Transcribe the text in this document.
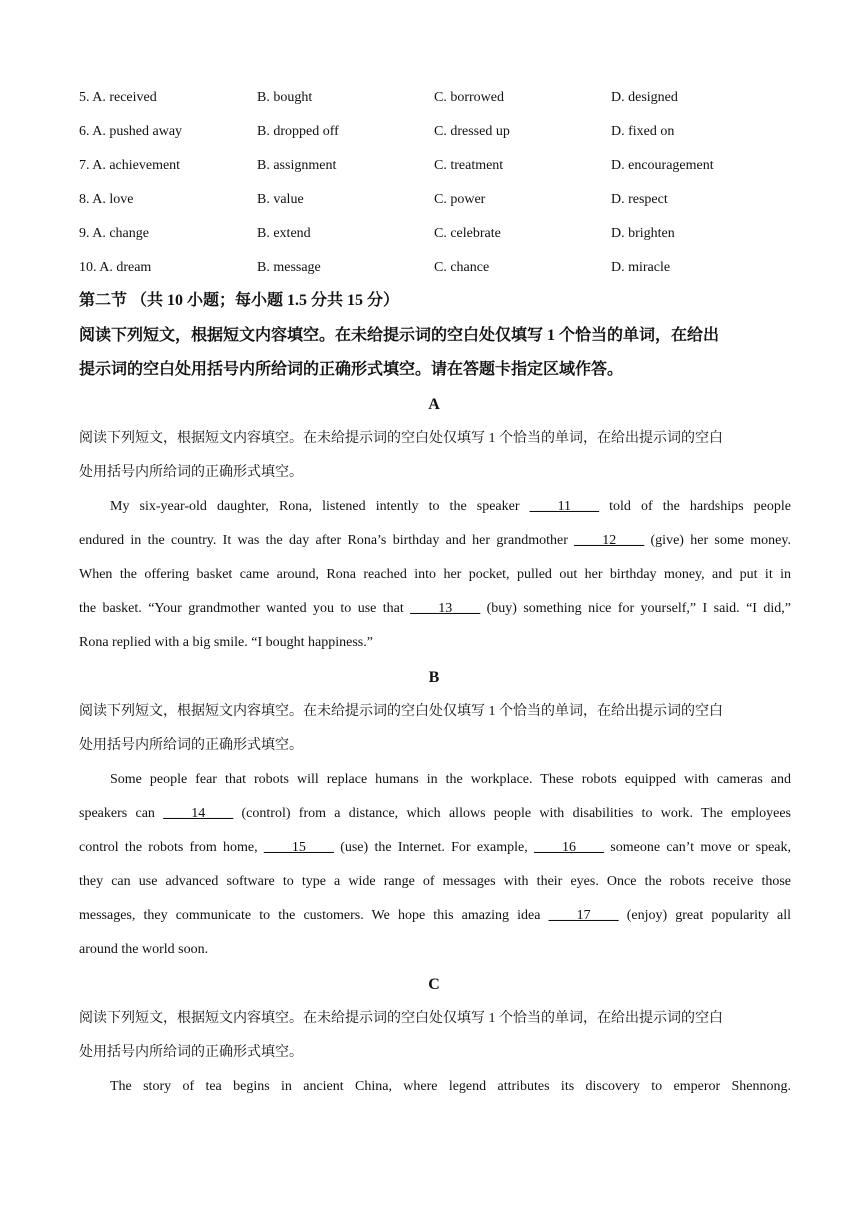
5. A. received	B. bought	C. borrowed	D. designed
6. A. pushed away	B. dropped off	C. dressed up	D. fixed on
7. A. achievement	B. assignment	C. treatment	D. encouragement
8. A. love	B. value	C. power	D. respect
9. A. change	B. extend	C. celebrate	D. brighten
10. A. dream	B. message	C. chance	D. miracle
第二节 （共 10 小题；每小题 1.5 分共 15 分）
阅读下列短文，根据短文内容填空。在未给提示词的空白处仅填写 1 个恰当的单词，在给出
提示词的空白处用括号内所给词的正确形式填空。请在答题卡指定区域作答。
A
阅读下列短文，根据短文内容填空。在未给提示词的空白处仅填写 1 个恰当的单词，在给出提示词的空白
处用括号内所给词的正确形式填空。
My six-year-old daughter, Rona, listened intently to the speaker ____11____ told of the hardships people
endured in the country. It was the day after Rona’s birthday and her grandmother ____12____ (give) her some money.
When the offering basket came around, Rona reached into her pocket, pulled out her birthday money, and put it in
the basket. “Your grandmother wanted you to use that ____13____ (buy) something nice for yourself,” I said. “I did,”
Rona replied with a big smile. “I bought happiness.”
B
阅读下列短文，根据短文内容填空。在未给提示词的空白处仅填写 1 个恰当的单词，在给出提示词的空白
处用括号内所给词的正确形式填空。
Some people fear that robots will replace humans in the workplace. These robots equipped with cameras and
speakers can ____14____ (control) from a distance, which allows people with disabilities to work. The employees
control the robots from home, ____15____ (use) the Internet. For example, ____16____ someone can’t move or speak,
they can use advanced software to type a wide range of messages with their eyes. Once the robots receive those
messages, they communicate to the customers. We hope this amazing idea ____17____ (enjoy) great popularity all
around the world soon.
C
阅读下列短文，根据短文内容填空。在未给提示词的空白处仅填写 1 个恰当的单词，在给出提示词的空白
处用括号内所给词的正确形式填空。
The story of tea begins in ancient China, where legend attributes its discovery to emperor Shennong.
